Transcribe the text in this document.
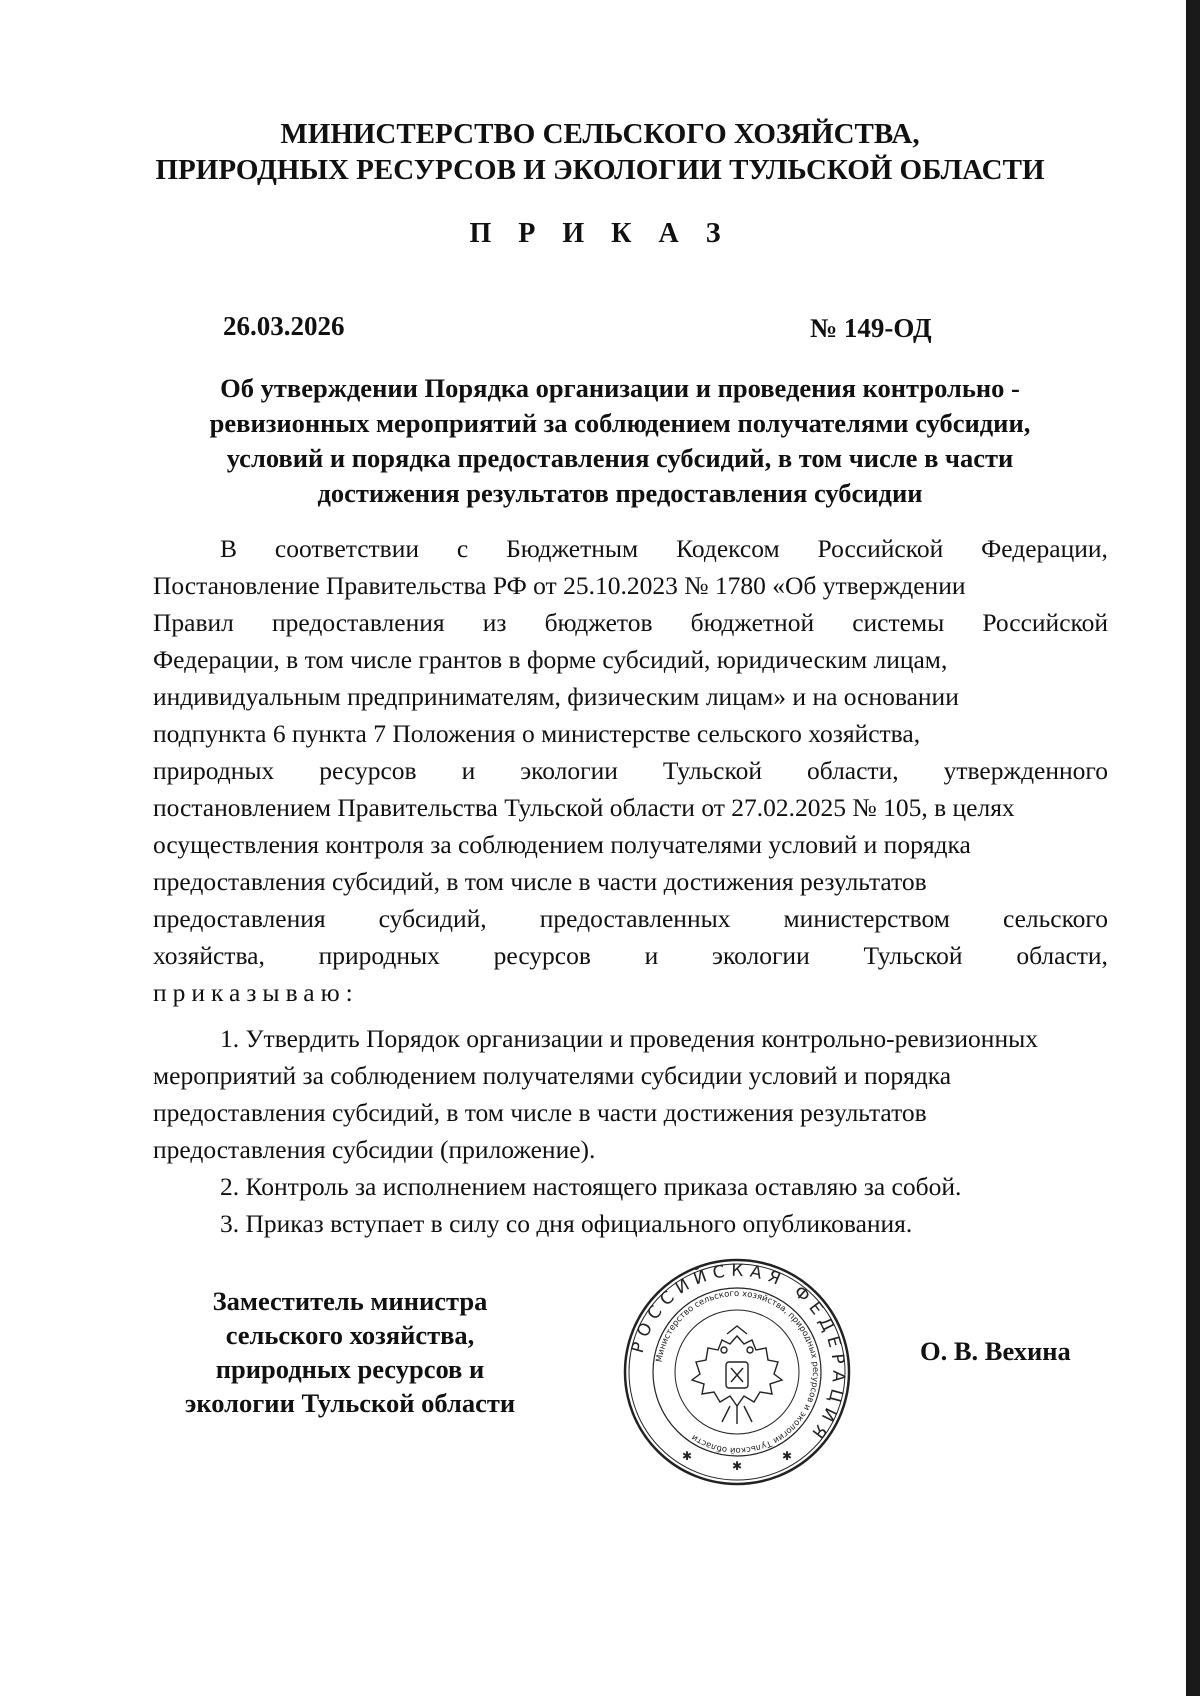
МИНИСТЕРСТВО СЕЛЬСКОГО ХОЗЯЙСТВА,
ПРИРОДНЫХ РЕСУРСОВ И ЭКОЛОГИИ ТУЛЬСКОЙ ОБЛАСТИ
П Р И К А З
26.03.2026	№ 149-ОД
Об утверждении Порядка организации и проведения контрольно -
ревизионных мероприятий за соблюдением получателями субсидии,
условий и порядка предоставления субсидий, в том числе в части
достижения результатов предоставления субсидии
В соответствии с Бюджетным Кодексом Российской Федерации,
Постановление Правительства РФ от 25.10.2023 № 1780 «Об утверждении
Правил предоставления из бюджетов бюджетной системы Российской
Федерации, в том числе грантов в форме субсидий, юридическим лицам,
индивидуальным предпринимателям, физическим лицам» и на основании
подпункта 6 пункта 7 Положения о министерстве сельского хозяйства,
природных ресурсов и экологии Тульской области, утвержденного
постановлением Правительства Тульской области от 27.02.2025 № 105, в целях
осуществления контроля за соблюдением получателями условий и порядка
предоставления субсидий, в том числе в части достижения результатов
предоставления субсидий, предоставленных министерством сельского
хозяйства, природных ресурсов и экологии Тульской области,
приказываю:
1. Утвердить Порядок организации и проведения контрольно-ревизионных
мероприятий за соблюдением получателями субсидии условий и порядка
предоставления субсидий, в том числе в части достижения результатов
предоставления субсидии (приложение).
2. Контроль за исполнением настоящего приказа оставляю за собой.
3. Приказ вступает в силу со дня официального опубликования.
Заместитель министра
сельского хозяйства,
природных ресурсов и
экологии Тульской области
РОССИЙСКАЯ ФЕДЕРАЦИЯ
Министерство сельского хозяйства, природных ресурсов и экологии Тульской области
✱
✱
✱
О. В. Вехина
